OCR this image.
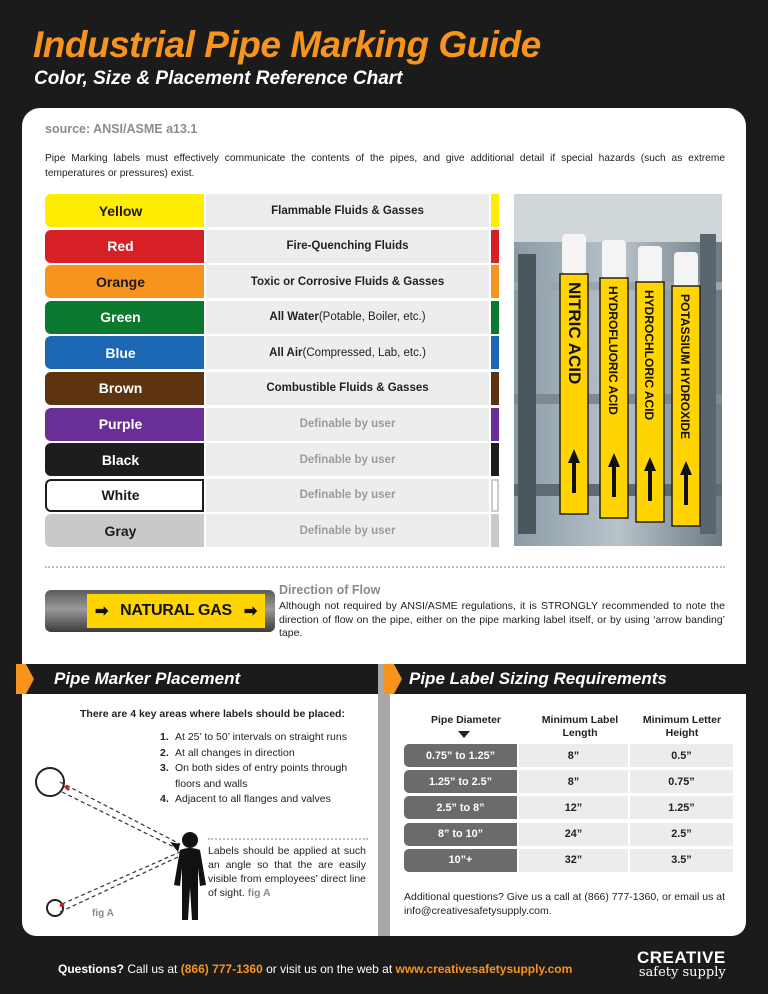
Industrial Pipe Marking Guide
Color, Size & Placement Reference Chart
source: ANSI/ASME a13.1
Pipe Marking labels must effectively communicate the contents of the pipes, and give additional detail if special hazards (such as extreme temperatures or pressures) exist.
Yellow	Flammable Fluids & Gasses
Red	Fire-Quenching Fluids
Orange	Toxic or Corrosive Fluids & Gasses
Green	All Water (Potable, Boiler, etc.)
Blue	All Air (Compressed, Lab, etc.)
Brown	Combustible Fluids & Gasses
Purple	Definable by user
Black	Definable by user
White	Definable by user
Gray	Definable by user
NITRIC ACID HYDROFLUORIC ACID HYDROCHLORIC ACID POTASSIUM HYDROXIDE
➡ NATURAL GAS ➡
Direction of Flow
Although not required by ANSI/ASME regulations, it is STRONGLY recommended to note the direction of flow on the pipe, either on the pipe marking label itself, or by using ‘arrow banding’ tape.
Pipe Marker Placement	Pipe Label Sizing Requirements
There are 4 key areas where labels should be placed:
1. At 25’ to 50’ intervals on straight runs
2. At all changes in direction
3. On both sides of entry points through floors and walls
4. Adjacent to all flanges and valves
Labels should be applied at such an angle so that the are easily visible from employees’ direct line of sight. fig A
fig A
Pipe Diameter	Minimum Label Length
Minimum Letter Height
0.75” to 1.25”	8”	0.5”
1.25” to 2.5”	8”	0.75”
2.5” to 8”	12”	1.25”
8” to 10”	24”	2.5”
10”+	32”	3.5”
Additional questions? Give us a call at (866) 777-1360, or email us at info@creativesafetysupply.com.
Questions? Call us at (866) 777-1360 or visit us on the web at www.creativesafetysupply.com
CREATIVE
safety supply
